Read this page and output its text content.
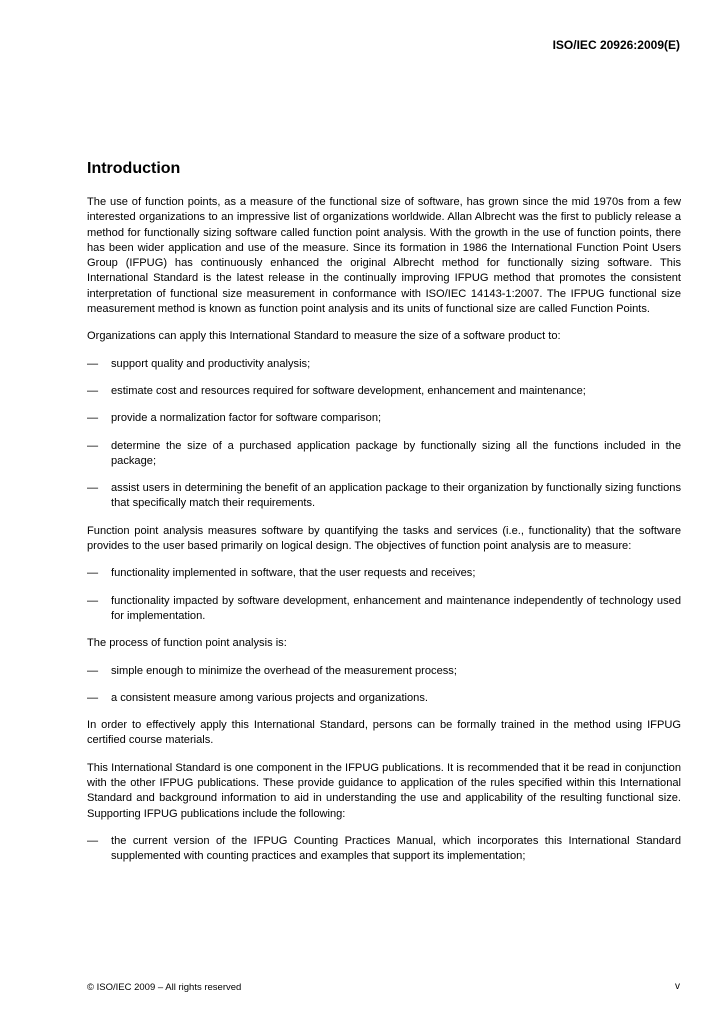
ISO/IEC 20926:2009(E)
Introduction

The use of function points, as a measure of the functional size of software, has grown since the mid 1970s from a few interested organizations to an impressive list of organizations worldwide. Allan Albrecht was the first to publicly release a method for functionally sizing software called function point analysis. With the growth in the use of function points, there has been wider application and use of the measure. Since its formation in 1986 the International Function Point Users Group (IFPUG) has continuously enhanced the original Albrecht method for functionally sizing software. This International Standard is the latest release in the continually improving IFPUG method that promotes the consistent interpretation of functional size measurement in conformance with ISO/IEC 14143-1:2007. The IFPUG functional size measurement method is known as function point analysis and its units of functional size are called Function Points.

Organizations can apply this International Standard to measure the size of a software product to:

— support quality and productivity analysis;
— estimate cost and resources required for software development, enhancement and maintenance;
— provide a normalization factor for software comparison;
— determine the size of a purchased application package by functionally sizing all the functions included in the package;
— assist users in determining the benefit of an application package to their organization by functionally sizing functions that specifically match their requirements.

Function point analysis measures software by quantifying the tasks and services (i.e., functionality) that the software provides to the user based primarily on logical design. The objectives of function point analysis are to measure:

— functionality implemented in software, that the user requests and receives;
— functionality impacted by software development, enhancement and maintenance independently of technology used for implementation.

The process of function point analysis is:

— simple enough to minimize the overhead of the measurement process;
— a consistent measure among various projects and organizations.

In order to effectively apply this International Standard, persons can be formally trained in the method using IFPUG certified course materials.

This International Standard is one component in the IFPUG publications. It is recommended that it be read in conjunction with the other IFPUG publications. These provide guidance to application of the rules specified within this International Standard and background information to aid in understanding the use and applicability of the resulting functional size. Supporting IFPUG publications include the following:

— the current version of the IFPUG Counting Practices Manual, which incorporates this International Standard supplemented with counting practices and examples that support its implementation;
© ISO/IEC 2009 – All rights reserved	v
